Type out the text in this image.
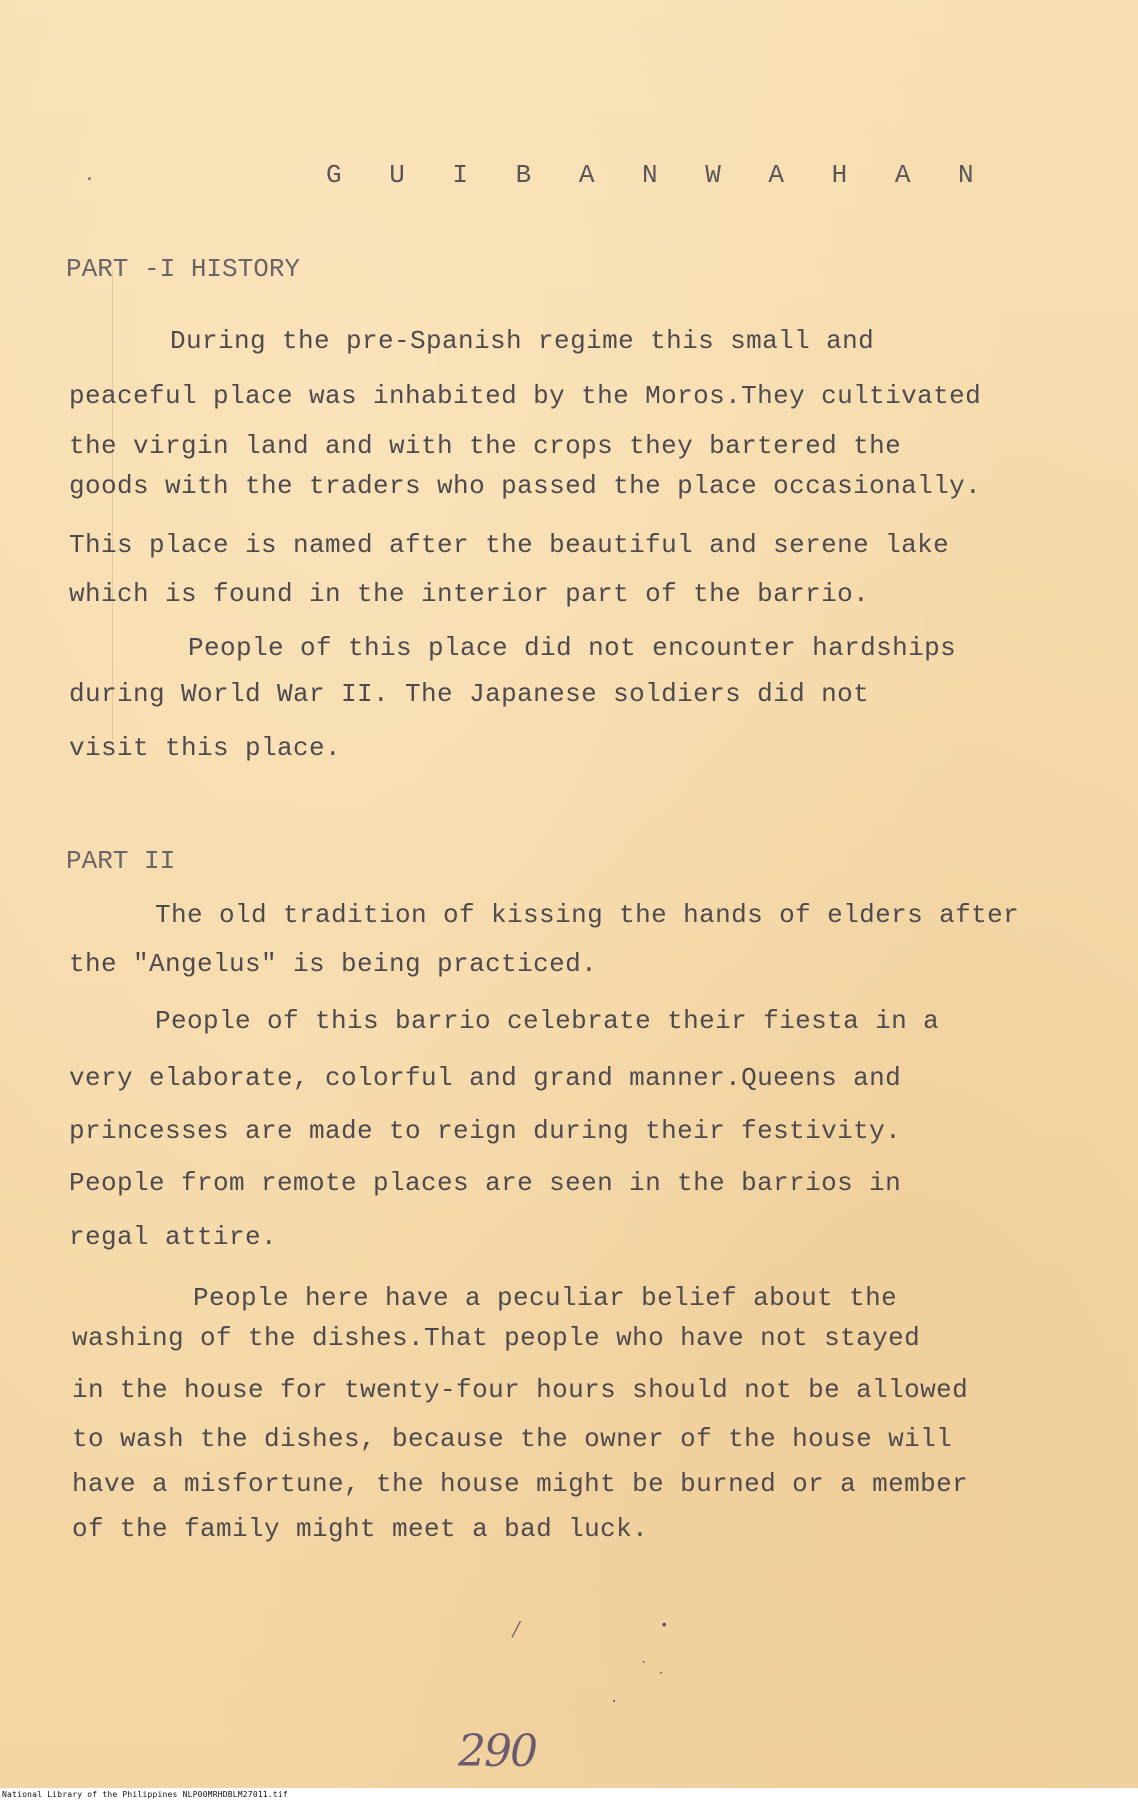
.	G U I B A N W A H A N
PART -I HISTORY
During the pre-Spanish regime this small and
peaceful place was inhabited by the Moros.They cultivated
the virgin land and with the crops they bartered the
goods with the traders who passed the place occasionally.
This place is named after the beautiful and serene lake
which is found in the interior part of the barrio.
People of this place did not encounter hardships
during World War II. The Japanese soldiers did not
visit this place.
PART II
The old tradition of kissing the hands of elders after
the "Angelus" is being practiced.
People of this barrio celebrate their fiesta in a
very elaborate, colorful and grand manner.Queens and
princesses are made to reign during their festivity.
People from remote places are seen in the barrios in
regal attire.
People here have a peculiar belief about the
washing of the dishes.That people who have not stayed
in the house for twenty-four hours should not be allowed
to wash the dishes, because the owner of the house will
have a misfortune, the house might be burned or a member
of the family might meet a bad luck.
╱	•
ˋ ˏ
·
290
National Library of the Philippines NLP00MRHDBLM27011.tif
